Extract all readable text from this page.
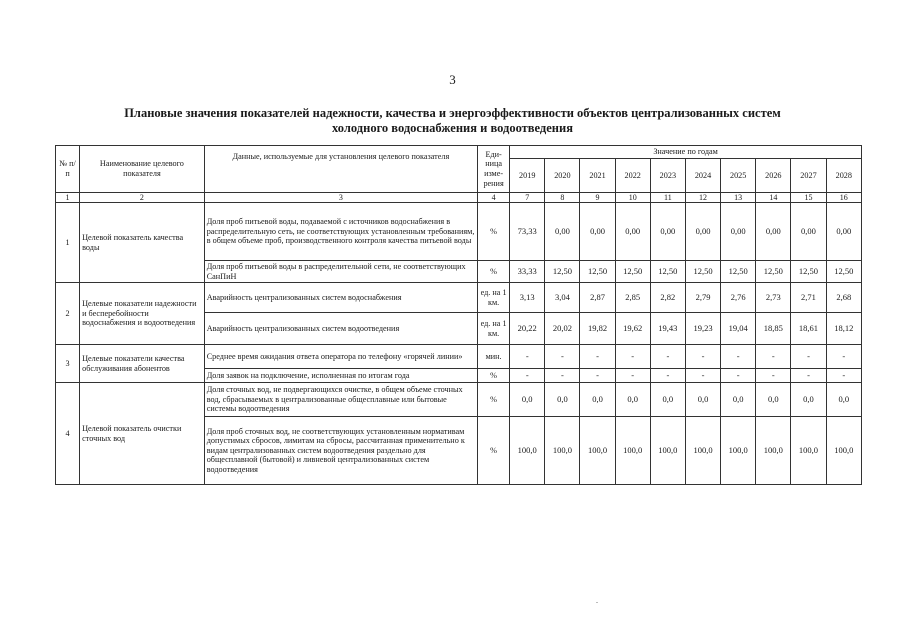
3
Плановые значения показателей надежности, качества и энергоэффективности объектов централизованных систем
холодного водоснабжения и водоотведения
№ п/п	Наименование целевого показателя	Данные, используемые для установления целевого показателя	Еди- ница изме- рения	Значение по годам									
				2019	2020	2021	2022	2023	2024	2025	2026	2027	2028
1	2	3	4	7	8	9	10	11	12	13	14	15	16
1	Целевой показатель качества воды	Доля проб питьевой воды, подаваемой с источников водоснабжения в распределительную сеть, не соответствующих установленным требованиям, в общем объеме проб, производственного контроля качества питьевой воды	%	73,33	0,00	0,00	0,00	0,00	0,00	0,00	0,00	0,00	0,00
		Доля проб питьевой воды в распределительной сети, не соответствующих СанПиН	%	33,33	12,50	12,50	12,50	12,50	12,50	12,50	12,50	12,50	12,50
2	Целевые показатели надежности и бесперебойности водоснабжения и водоотведения	Аварийность централизованных систем водоснабжения	ед. на 1 км.	3,13	3,04	2,87	2,85	2,82	2,79	2,76	2,73	2,71	2,68
		Аварийность централизованных систем водоотведения	ед. на 1 км.	20,22	20,02	19,82	19,62	19,43	19,23	19,04	18,85	18,61	18,12
3	Целевые показатели качества обслуживания абонентов	Среднее время ожидания ответа оператора по телефону «горячей линии»	мин.	-	-	-	-	-	-	-	-	-	-
		Доля заявок на подключение, исполненная по итогам года	%	-	-	-	-	-	-	-	-	-	-
4	Целевой показатель очистки сточных вод	Доля сточных вод, не подвергающихся очистке, в общем объеме сточных вод, сбрасываемых в централизованные общесплавные или бытовые системы водоотведения	%	0,0	0,0	0,0	0,0	0,0	0,0	0,0	0,0	0,0	0,0
		Доля проб сточных вод, не соответствующих установленным нормативам допустимых сбросов, лимитам на сбросы, рассчитанная применительно к видам централизованных систем водоотведения раздельно для общесплавной (бытовой) и ливневой централизованных систем водоотведения	%	100,0	100,0	100,0	100,0	100,0	100,0	100,0	100,0	100,0	100,0
